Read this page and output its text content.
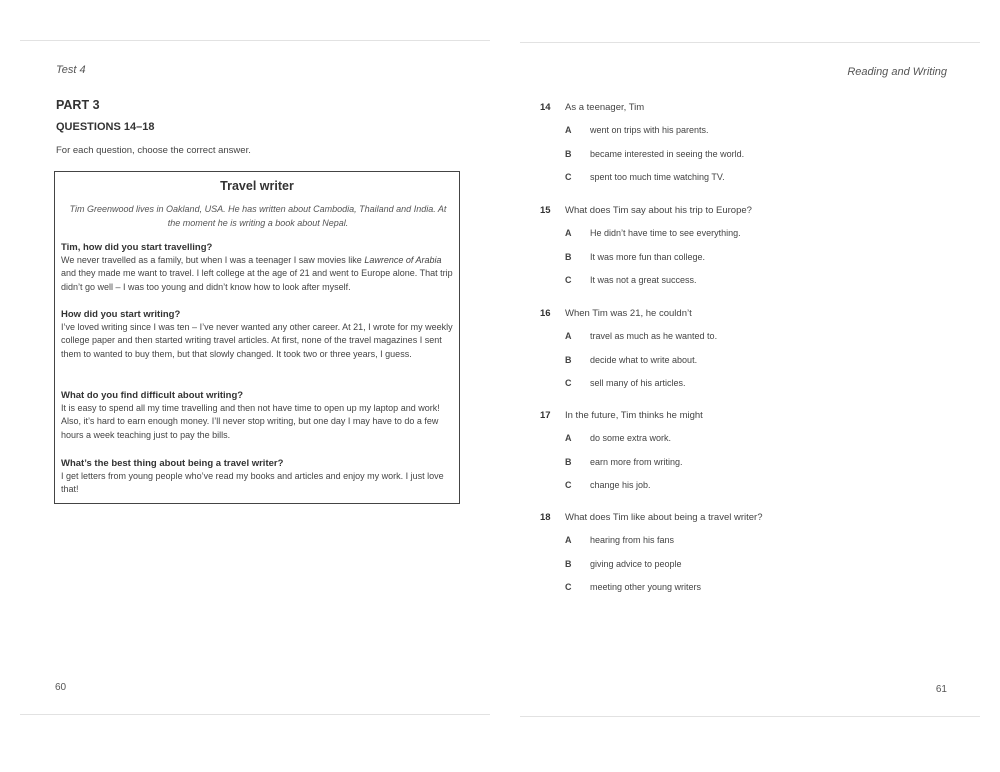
Test 4
PART 3
QUESTIONS 14–18
For each question, choose the correct answer.
Travel writer
Tim Greenwood lives in Oakland, USA. He has written about Cambodia, Thailand and India. At the moment he is writing a book about Nepal.
Tim, how did you start travelling?
We never travelled as a family, but when I was a teenager I saw movies like Lawrence of Arabia and they made me want to travel. I left college at the age of 21 and went to Europe alone. That trip didn’t go well – I was too young and didn’t know how to look after myself.
How did you start writing?
I’ve loved writing since I was ten – I’ve never wanted any other career. At 21, I wrote for my weekly college paper and then started writing travel articles. At first, none of the travel magazines I sent them to wanted to buy them, but that slowly changed. It took two or three years, I guess.
What do you find difficult about writing?
It is easy to spend all my time travelling and then not have time to open up my laptop and work! Also, it’s hard to earn enough money. I’ll never stop writing, but one day I may have to do a few hours a week teaching just to pay the bills.
What’s the best thing about being a travel writer?
I get letters from young people who’ve read my books and articles and enjoy my work. I just love that!
60
Reading and Writing
14 As a teenager, Tim
A went on trips with his parents.
B became interested in seeing the world.
C spent too much time watching TV.
15 What does Tim say about his trip to Europe?
A He didn’t have time to see everything.
B It was more fun than college.
C It was not a great success.
16 When Tim was 21, he couldn’t
A travel as much as he wanted to.
B decide what to write about.
C sell many of his articles.
17 In the future, Tim thinks he might
A do some extra work.
B earn more from writing.
C change his job.
18 What does Tim like about being a travel writer?
A hearing from his fans
B giving advice to people
C meeting other young writers
61
